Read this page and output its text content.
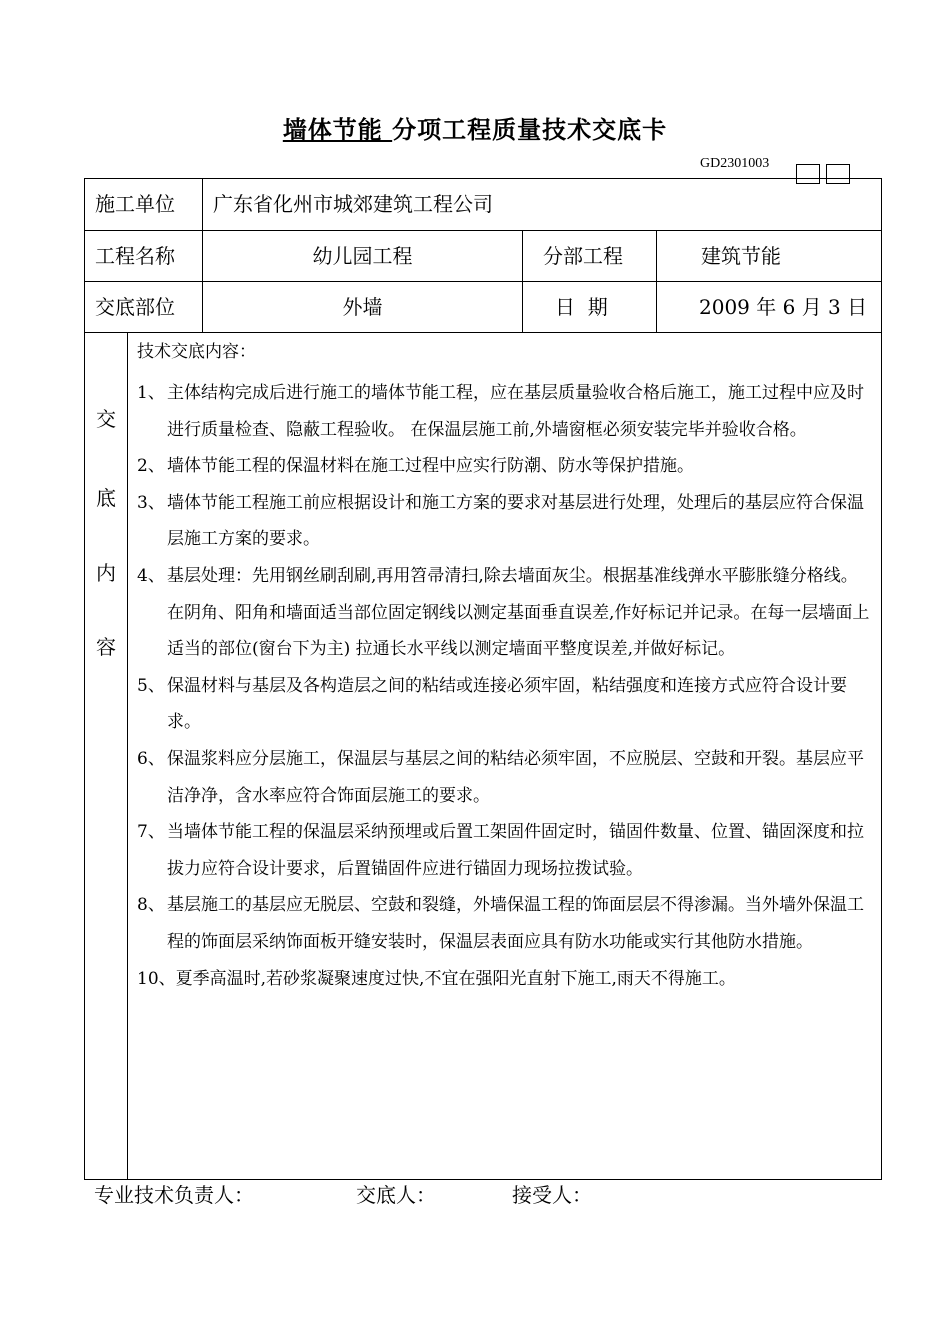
墙体节能 分项工程质量技术交底卡
GD2301003
施工单位 广东省化州市城郊建筑工程公司
工程名称	幼儿园工程	分部工程	建筑节能
交底部位	外墙	日  期	2009 年 6 月 3 日
交
底
内
容
技术交底内容：
1、 主体结构完成后进行施工的墙体节能工程，应在基层质量验收合格后施工，施工过程中应及时进行质量检查、隐蔽工程验收。 在保温层施工前,外墙窗框必须安装完毕并验收合格。
2、 墙体节能工程的保温材料在施工过程中应实行防潮、防水等保护措施。
3、 墙体节能工程施工前应根据设计和施工方案的要求对基层进行处理，处理后的基层应符合保温层施工方案的要求。
4、 基层处理：先用钢丝刷刮刷,再用笤帚清扫,除去墙面灰尘。根据基准线弹水平膨胀缝分格线。在阴角、阳角和墙面适当部位固定钢线以测定基面垂直误差,作好标记并记录。在每一层墙面上适当的部位(窗台下为主) 拉通长水平线以测定墙面平整度误差,并做好标记。
5、 保温材料与基层及各构造层之间的粘结或连接必须牢固，粘结强度和连接方式应符合设计要求。
6、 保温浆料应分层施工，保温层与基层之间的粘结必须牢固，不应脱层、空鼓和开裂。基层应平洁净净，含水率应符合饰面层施工的要求。
7、 当墙体节能工程的保温层采纳预埋或后置工架固件固定时，锚固件数量、位置、锚固深度和拉拔力应符合设计要求，后置锚固件应进行锚固力现场拉拨试验。
8、 基层施工的基层应无脱层、空鼓和裂缝，外墙保温工程的饰面层层不得渗漏。当外墙外保温工程的饰面层采纳饰面板开缝安装时，保温层表面应具有防水功能或实行其他防水措施。
10、夏季高温时,若砂浆凝聚速度过快,不宜在强阳光直射下施工,雨天不得施工。
专业技术负责人：	交底人：	接受人：
